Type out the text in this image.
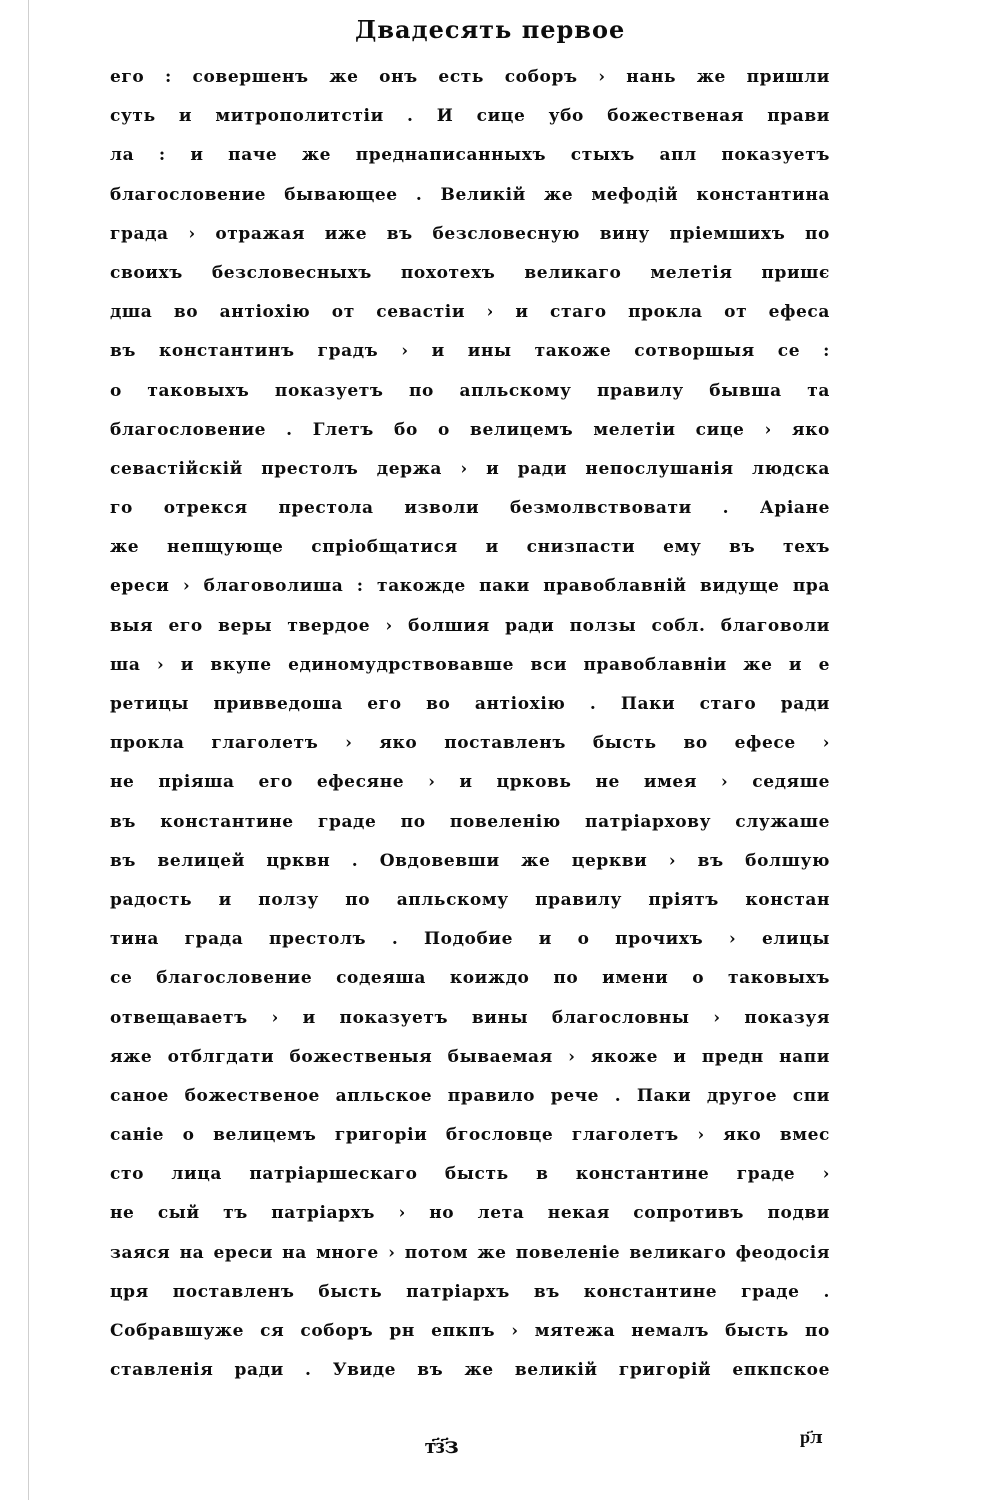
Двадесять первое
его : совершенъ же онъ есть соборъ › нань же пришли
суть и митрополитстіи . И сице убо божественая прави
ла : и паче же преднаписанныхъ стыхъ апл показуетъ
благословение бывающее . Великій же мефодій константина
града › отражая иже въ безсловесную вину пріемшихъ по
своихъ безсловесныхъ похотехъ великаго мелетія пришє
дша во антіохію от севастіи › и стаго прокла от ефеса
въ константинъ градъ › и ины такоже сотворшыя се :
о таковыхъ показуетъ по апльскому правилу бывша та
благословение . Глетъ бо о велицемъ мелетіи сице › яко
севастійскій престолъ держа › и ради непослушанія людска
го отрекся престола изволи безмолвствовати . Аріане
же непщующе спріобщатися и снизпасти ему въ техъ
ереси › благоволиша : такожде паки правоблавній видуще пра
выя его веры твердое › болшия ради ползы собл. благоволи
ша › и вкупе единомудрствовавше вси правоблавніи же и е
ретицы привведоша его во антіохію . Паки стаго ради
прокла глаголетъ › яко поставленъ бысть во ефесе ›
не пріяша его ефесяне › и црковь не имея › седяше
въ константине граде по повеленію патріархову служаше
въ велицей црквн . Овдовевши же церкви › въ болшую
радость и ползу по апльскому правилу пріятъ констан
тина града престолъ . Подобие и о прочихъ › елицы
се благословение содеяша коиждо по имени о таковыхъ
отвещаваетъ › и показуетъ вины благословны › показуя
яже отблгдати божественыя бываемая › якоже и предн напи
саное божественое апльское правило рече . Паки другое спи
саніе о велицемъ григоріи бгословце глаголетъ › яко вмеc
сто лица патріаршескаго бысть в константине граде ›
не сый тъ патріархъ › но лета некая сопротивъ подви
заяся на ереси на многе › потом же повеленіе великаго феодосія
цря поставленъ бысть патріархъ въ константине граде .
Собравшуже ся соборъ рн епкпъ › мятежа немалъ бысть по
ставленія ради . Увиде въ же великій григорій епкпское
т҃з҃з	р҃л
